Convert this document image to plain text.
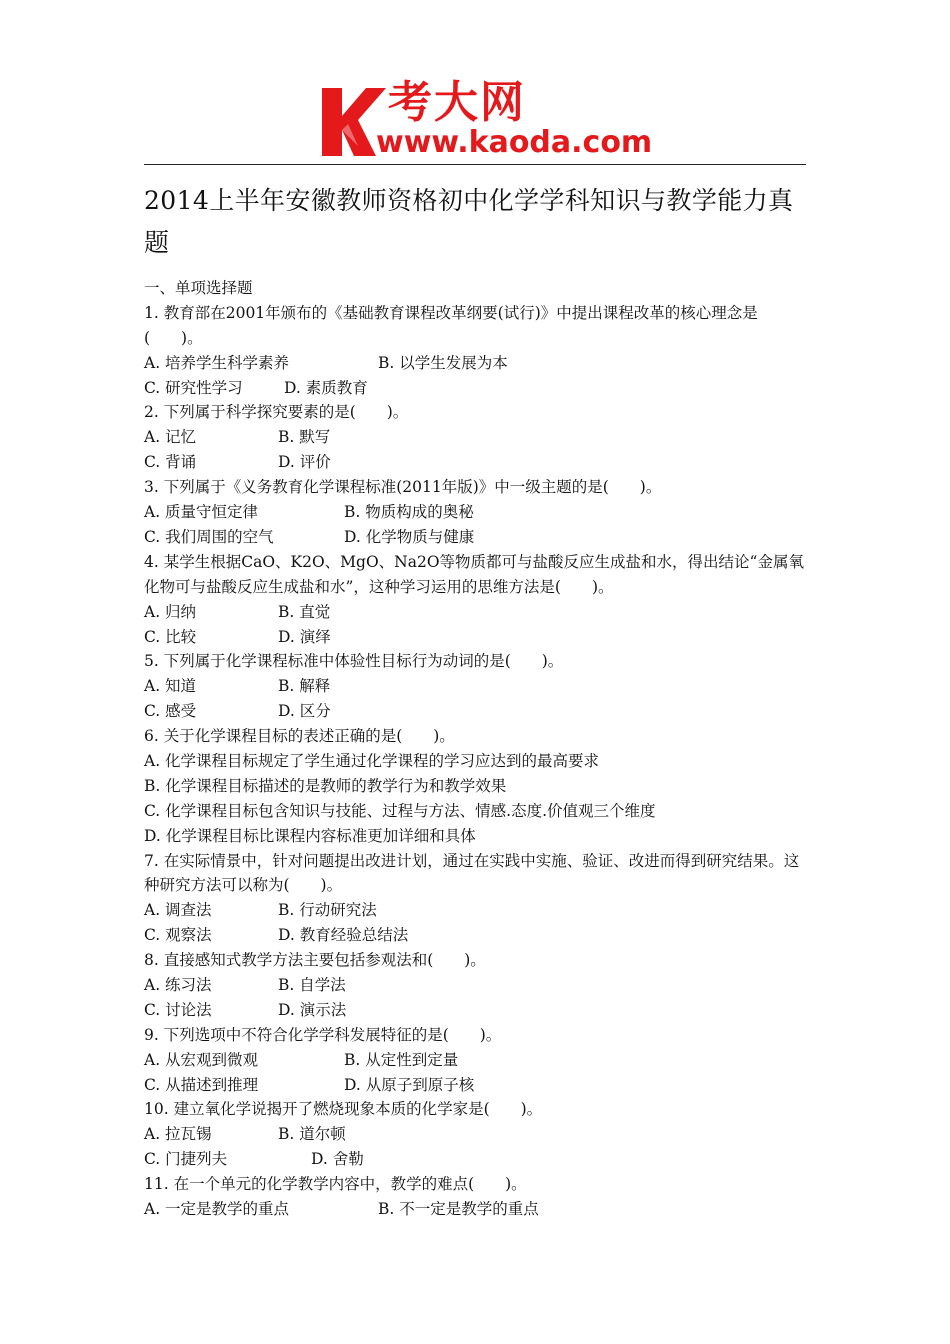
考大网
www.kaoda.com
2014上半年安徽教师资格初中化学学科知识与教学能力真题
一、单项选择题
1. 教育部在2001年颁布的《基础教育课程改革纲要(试行)》中提出课程改革的核心理念是(　　)。
A. 培养学生科学素养	B. 以学生发展为本
C. 研究性学习	D. 素质教育
2. 下列属于科学探究要素的是(　　)。
A. 记忆	B. 默写
C. 背诵	D. 评价
3. 下列属于《义务教育化学课程标准(2011年版)》中一级主题的是(　　)。
A. 质量守恒定律	B. 物质构成的奥秘
C. 我们周围的空气	D. 化学物质与健康
4. 某学生根据CaO、K2O、MgO、Na2O等物质都可与盐酸反应生成盐和水，得出结论“金属氧化物可与盐酸反应生成盐和水”，这种学习运用的思维方法是(　　)。
A. 归纳	B. 直觉
C. 比较	D. 演绎
5. 下列属于化学课程标准中体验性目标行为动词的是(　　)。
A. 知道	B. 解释
C. 感受	D. 区分
6. 关于化学课程目标的表述正确的是(　　)。
A. 化学课程目标规定了学生通过化学课程的学习应达到的最高要求
B. 化学课程目标描述的是教师的教学行为和教学效果
C. 化学课程目标包含知识与技能、过程与方法、情感.态度.价值观三个维度
D. 化学课程目标比课程内容标准更加详细和具体
7. 在实际情景中，针对问题提出改进计划，通过在实践中实施、验证、改进而得到研究结果。这种研究方法可以称为(　　)。
A. 调查法	B. 行动研究法
C. 观察法	D. 教育经验总结法
8. 直接感知式教学方法主要包括参观法和(　　)。
A. 练习法	B. 自学法
C. 讨论法	D. 演示法
9. 下列选项中不符合化学学科发展特征的是(　　)。
A. 从宏观到微观	B. 从定性到定量
C. 从描述到推理	D. 从原子到原子核
10. 建立氧化学说揭开了燃烧现象本质的化学家是(　　)。
A. 拉瓦锡	B. 道尔顿
C. 门捷列夫	D. 舍勒
11. 在一个单元的化学教学内容中，教学的难点(　　)。
A. 一定是教学的重点	B. 不一定是教学的重点
